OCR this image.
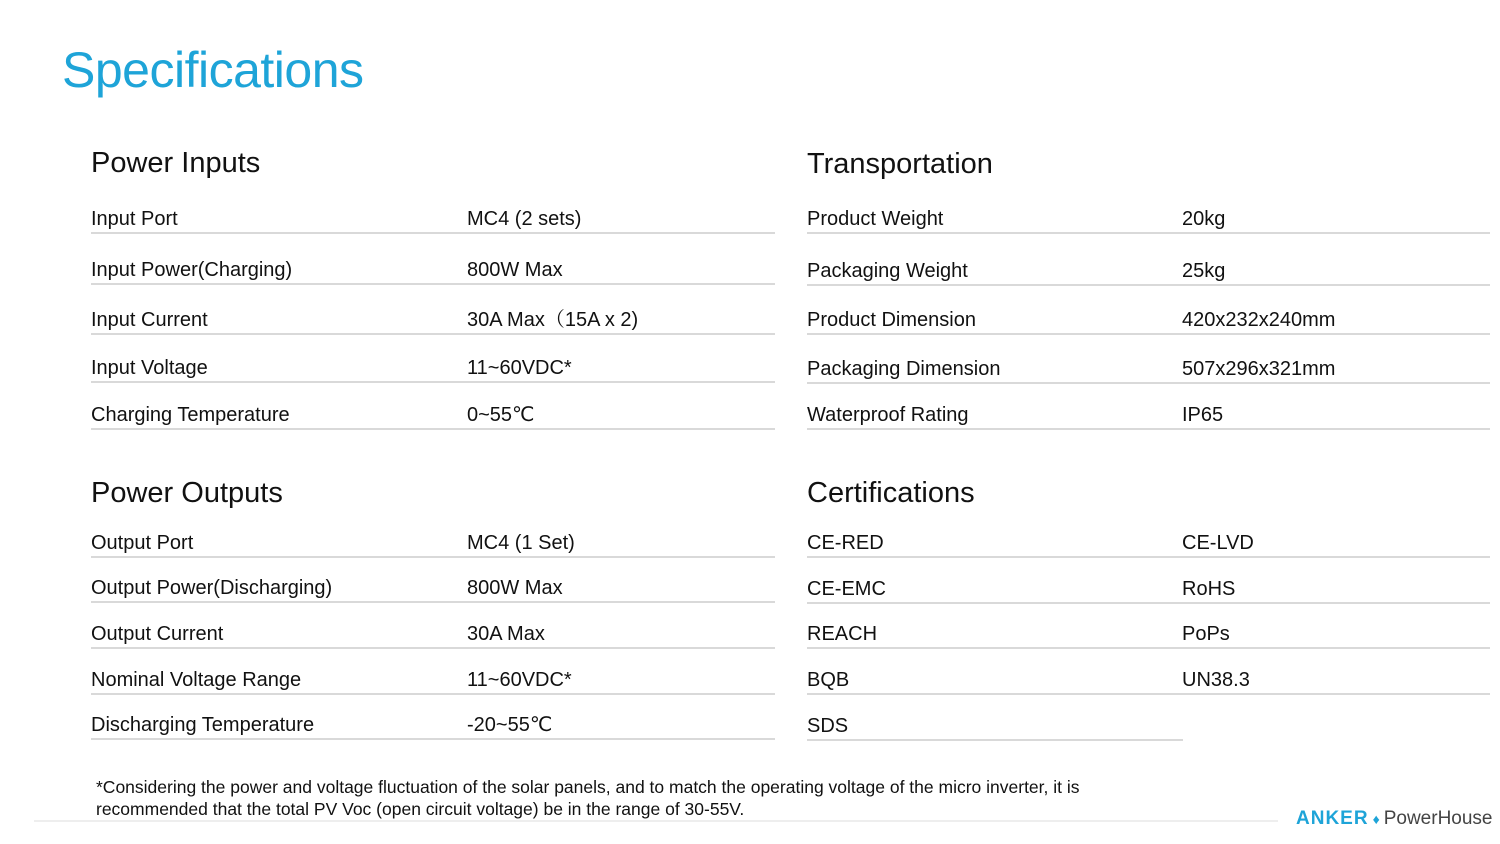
Specifications
Power Inputs
Input Port	MC4 (2 sets)
Input Power(Charging)	800W Max
Input Current	30A Max（15A x 2)
Input Voltage	11~60VDC*
Charging Temperature	0~55℃
Power Outputs
Output Port	MC4 (1 Set)
Output Power(Discharging)	800W Max
Output Current	30A Max
Nominal Voltage Range	11~60VDC*
Discharging Temperature	-20~55℃
Transportation
Product Weight	20kg
Packaging Weight	25kg
Product Dimension	420x232x240mm
Packaging Dimension	507x296x321mm
Waterproof Rating	IP65
Certifications
CE-RED	CE-LVD
CE-EMC	RoHS
REACH	PoPs
BQB	UN38.3
SDS
*Considering the power and voltage fluctuation of the solar panels, and to match the operating voltage of the micro inverter, it is recommended that the total PV Voc (open circuit voltage) be in the range of 30-55V.	ANKER ♦ PowerHouse
